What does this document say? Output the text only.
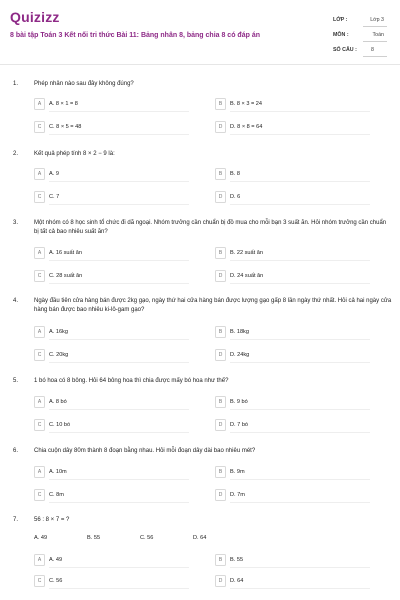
Quizizz
8 bài tập Toán 3 Kết nối tri thức Bài 11: Bảng nhân 8, bảng chia 8 có đáp án
LỚP :	Lớp 3
MÔN :	Toán
SỐ CÂU :	8
1.	Phép nhân nào sau đây không đúng?
A	A. 8 × 1 = 8	B	B. 8 × 3 = 24
C	C. 8 × 5 = 48	D	D. 8 × 8 = 64
2.	Kết quả phép tính 8 × 2 − 9 là:
A	A. 9	B	B. 8
C	C. 7	D	D. 6
3.	Một nhóm có 8 học sinh tổ chức đi dã ngoại. Nhóm trưởng cần chuẩn bị đồ mua cho mỗi bạn 3 suất ăn. Hỏi nhóm trưởng cần chuẩn bị tất cả bao nhiêu suất ăn?
A	A. 16 suất ăn	B	B. 22 suất ăn
C	C. 28 suất ăn	D	D. 24 suất ăn
4.	Ngày đầu tiên cửa hàng bán được 2kg gạo, ngày thứ hai cửa hàng bán được lượng gạo gấp 8 lần ngày thứ nhất. Hỏi cả hai ngày cửa hàng bán được bao nhiêu ki-lô-gam gạo?
A	A. 16kg	B	B. 18kg
C	C. 20kg	D	D. 24kg
5.	1 bó hoa có 8 bông. Hỏi 64 bông hoa thì chia được mấy bó hoa như thế?
A	A. 8 bó	B	B. 9 bó
C	C. 10 bó	D	D. 7 bó
6.	Chia cuộn dây 80m thành 8 đoạn bằng nhau. Hỏi mỗi đoạn dây dài bao nhiêu mét?
A	A. 10m	B	B. 9m
C	C. 8m	D	D. 7m
7.	56 : 8 × 7 = ?
A. 49	B. 55	C. 56	D. 64
A	A. 49	B	B. 55
C	C. 56	D	D. 64
